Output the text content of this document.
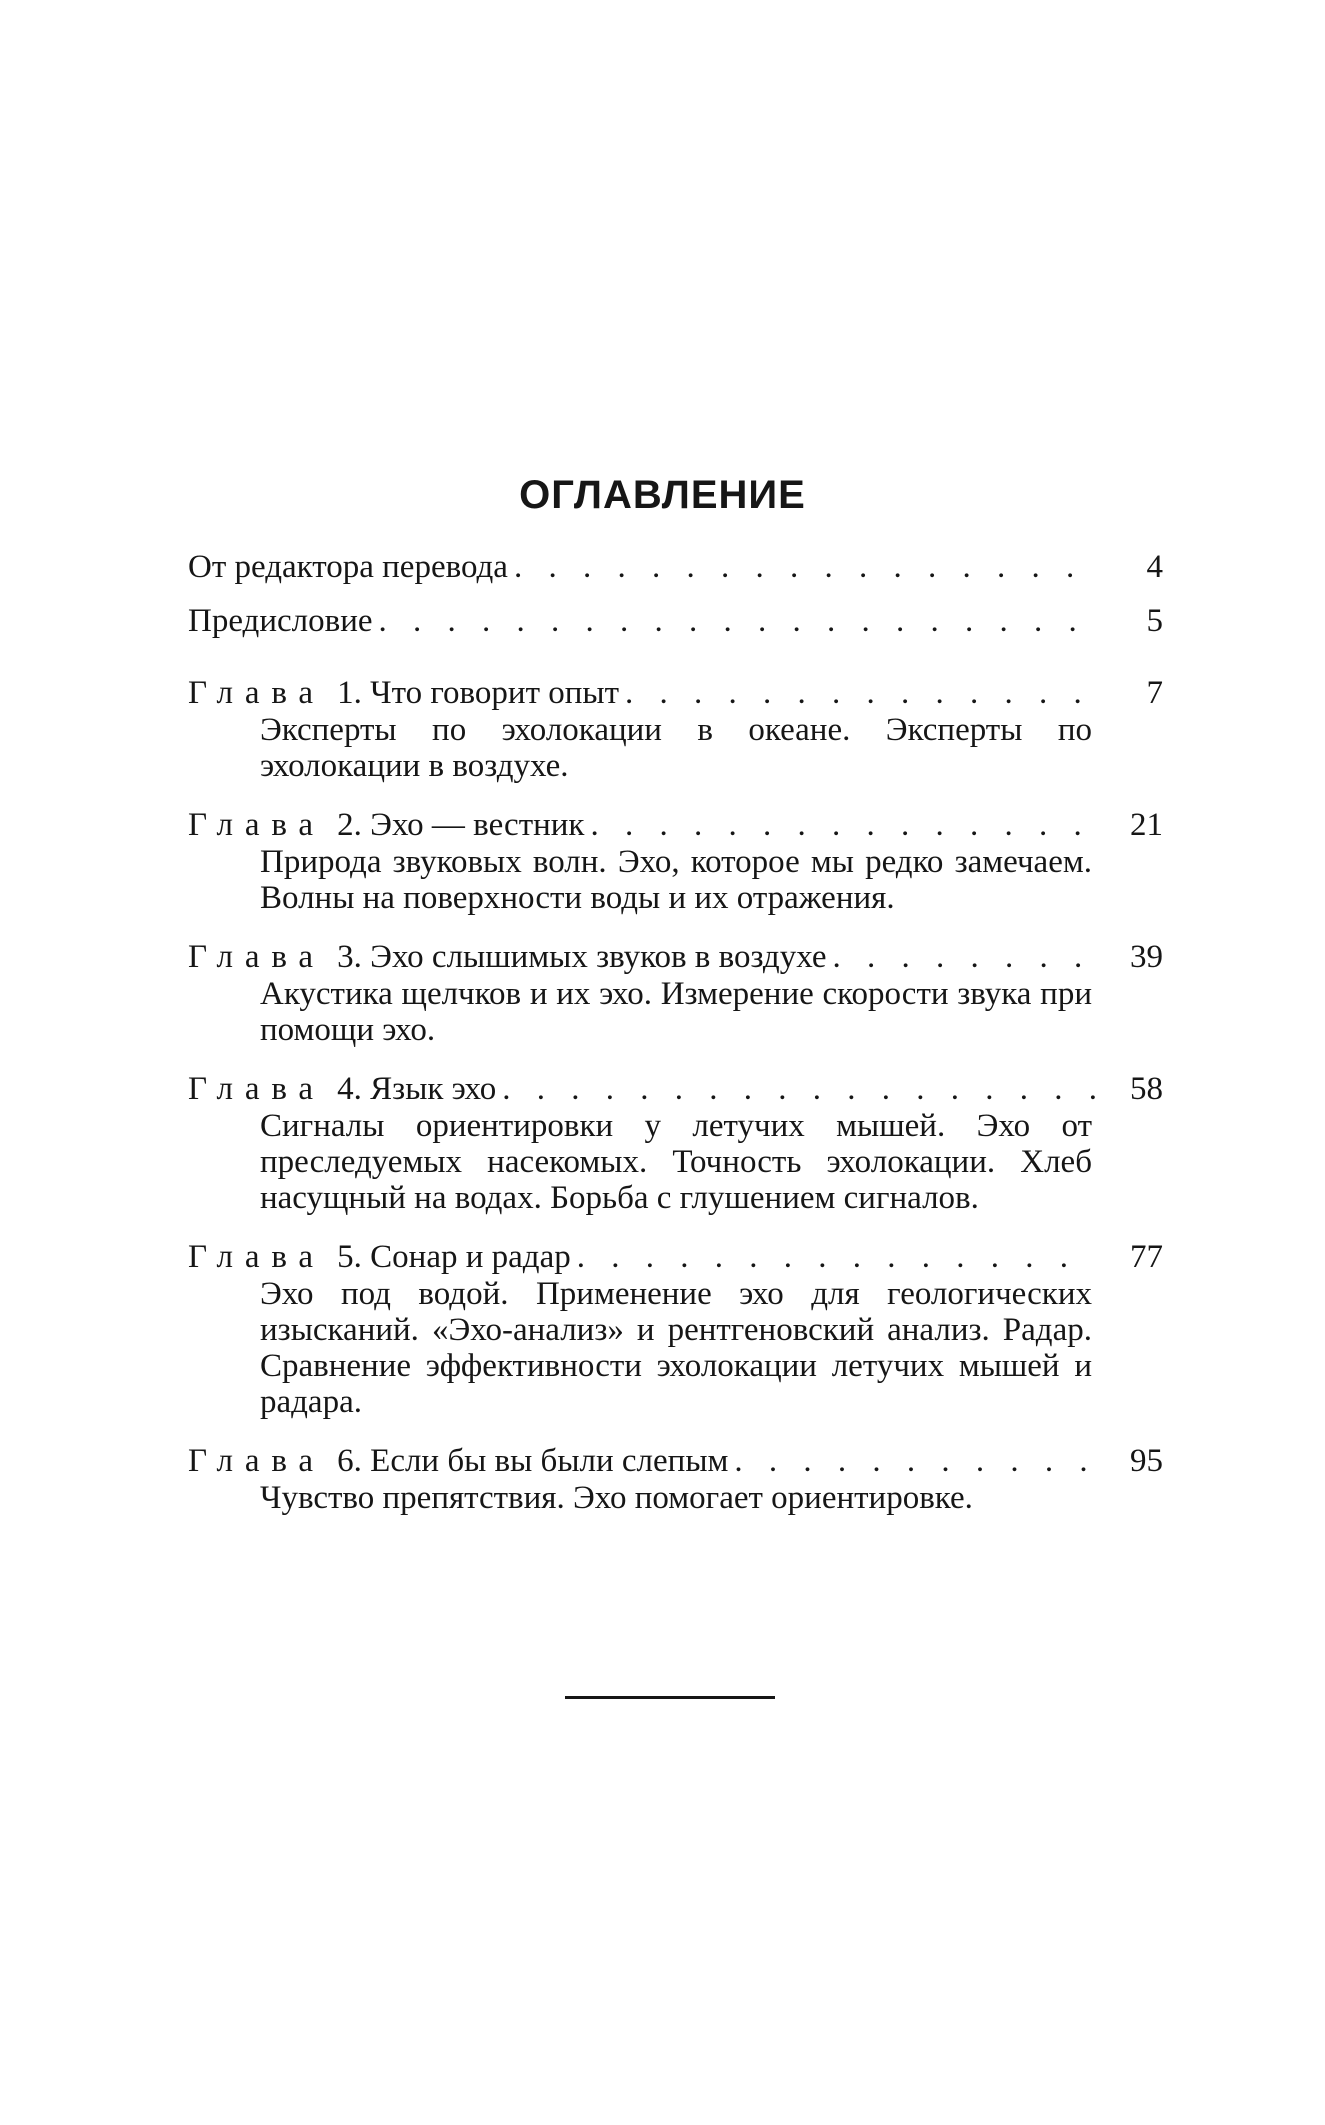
ОГЛАВЛЕНИЕ
От редактора перевода . . .	4
Предисловие . . .	5
Глава 1. Что говорит опыт . . .	7
Эксперты по эхолокации в океане. Эксперты по эхолокации в воздухе.
Глава 2. Эхо — вестник . . .	21
Природа звуковых волн. Эхо, которое мы редко замечаем. Волны на поверхности воды и их отражения.
Глава 3. Эхо слышимых звуков в воздухе . . .	39
Акустика щелчков и их эхо. Измерение скорости звука при помощи эхо.
Глава 4. Язык эхо . . .	58
Сигналы ориентировки у летучих мышей. Эхо от преследуемых насекомых. Точность эхолокации. Хлеб насущный на водах. Борьба с глушением сигналов.
Глава 5. Сонар и радар . . .	77
Эхо под водой. Применение эхо для геологических изысканий. «Эхо-анализ» и рентгеновский анализ. Радар. Сравнение эффективности эхолокации летучих мышей и радара.
Глава 6. Если бы вы были слепым . . .	95
Чувство препятствия. Эхо помогает ориентировке.
